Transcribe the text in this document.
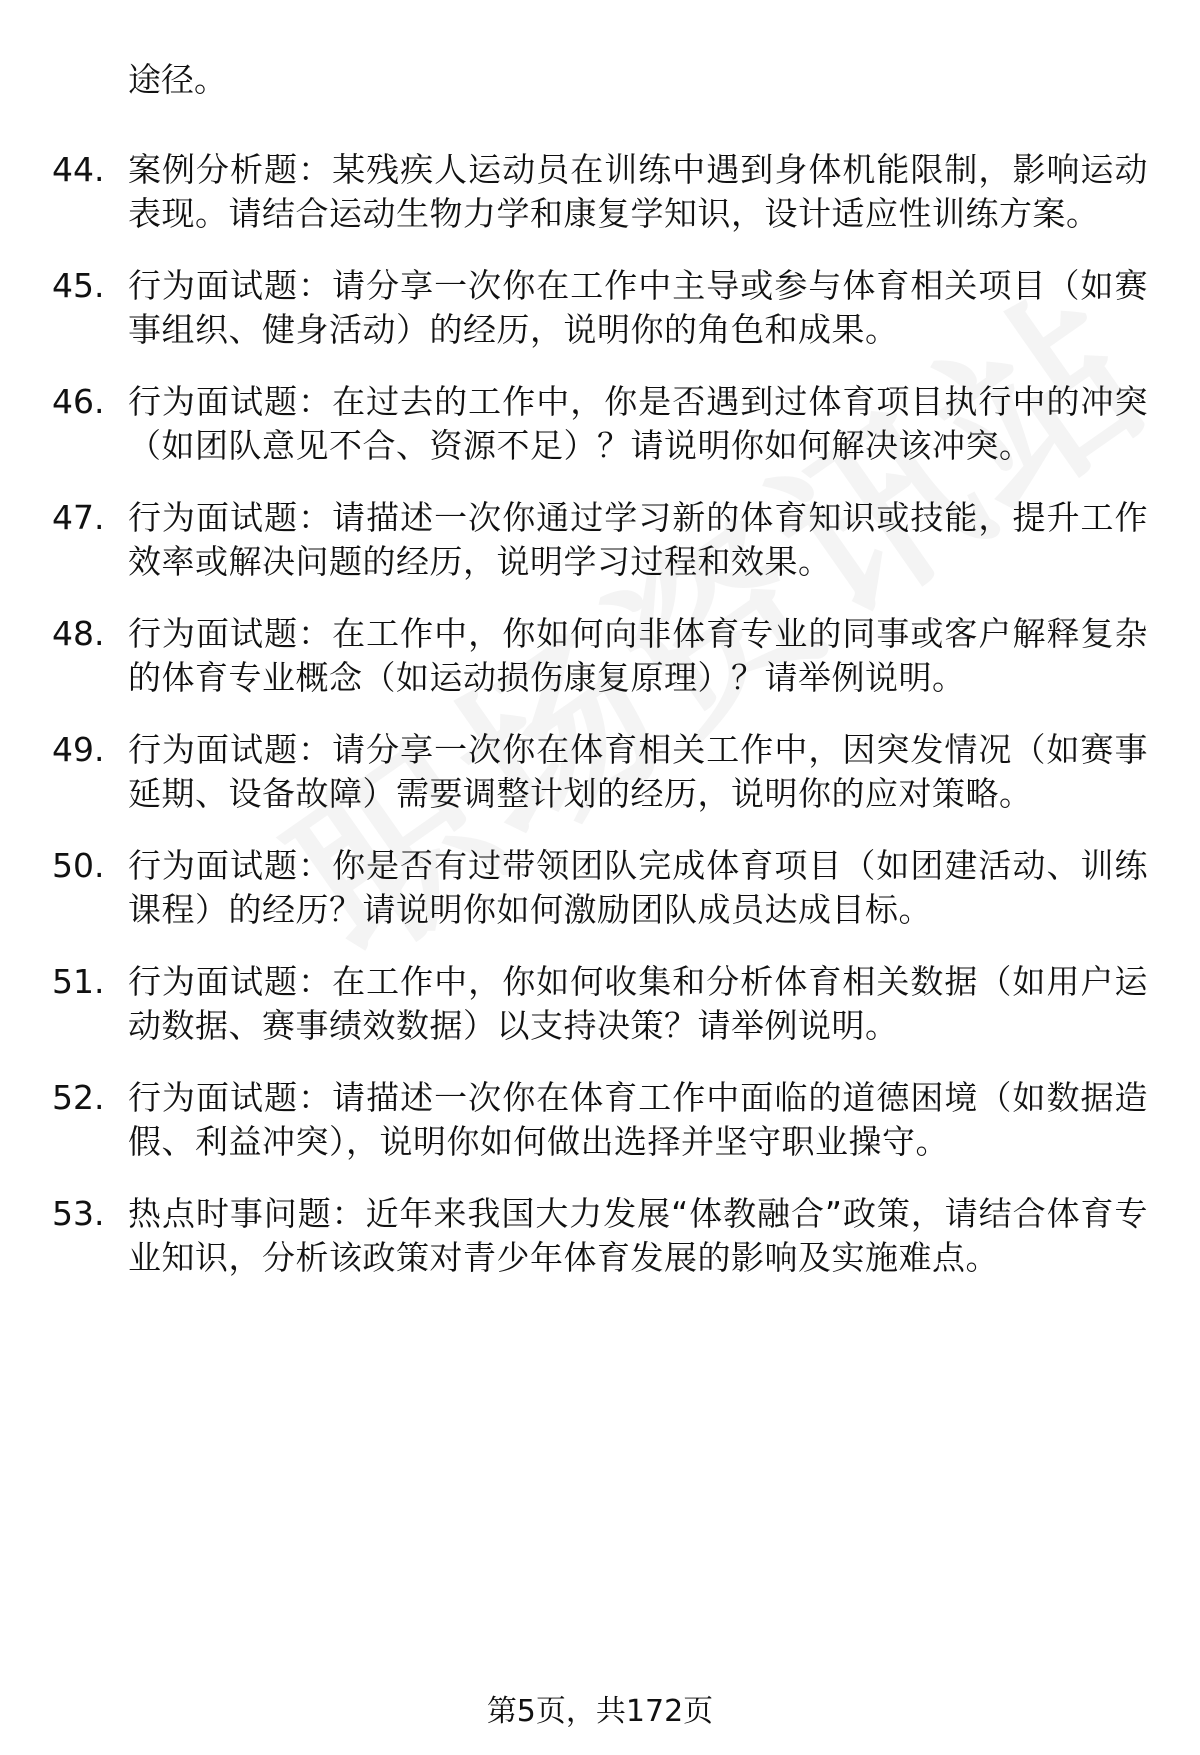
途径。
44. 案例分析题：某残疾人运动员在训练中遇到身体机能限制，影响运动表现。请结合运动生物力学和康复学知识，设计适应性训练方案。
45. 行为面试题：请分享一次你在工作中主导或参与体育相关项目（如赛事组织、健身活动）的经历，说明你的角色和成果。
46. 行为面试题：在过去的工作中，你是否遇到过体育项目执行中的冲突（如团队意见不合、资源不足）？请说明你如何解决该冲突。
47. 行为面试题：请描述一次你通过学习新的体育知识或技能，提升工作效率或解决问题的经历，说明学习过程和效果。
48. 行为面试题：在工作中，你如何向非体育专业的同事或客户解释复杂的体育专业概念（如运动损伤康复原理）？请举例说明。
49. 行为面试题：请分享一次你在体育相关工作中，因突发情况（如赛事延期、设备故障）需要调整计划的经历，说明你的应对策略。
50. 行为面试题：你是否有过带领团队完成体育项目（如团建活动、训练课程）的经历？请说明你如何激励团队成员达成目标。
51. 行为面试题：在工作中，你如何收集和分析体育相关数据（如用户运动数据、赛事绩效数据）以支持决策？请举例说明。
52. 行为面试题：请描述一次你在体育工作中面临的道德困境（如数据造假、利益冲突），说明你如何做出选择并坚守职业操守。
53. 热点时事问题：近年来我国大力发展“体教融合”政策，请结合体育专业知识，分析该政策对青少年体育发展的影响及实施难点。
第5页，共172页
